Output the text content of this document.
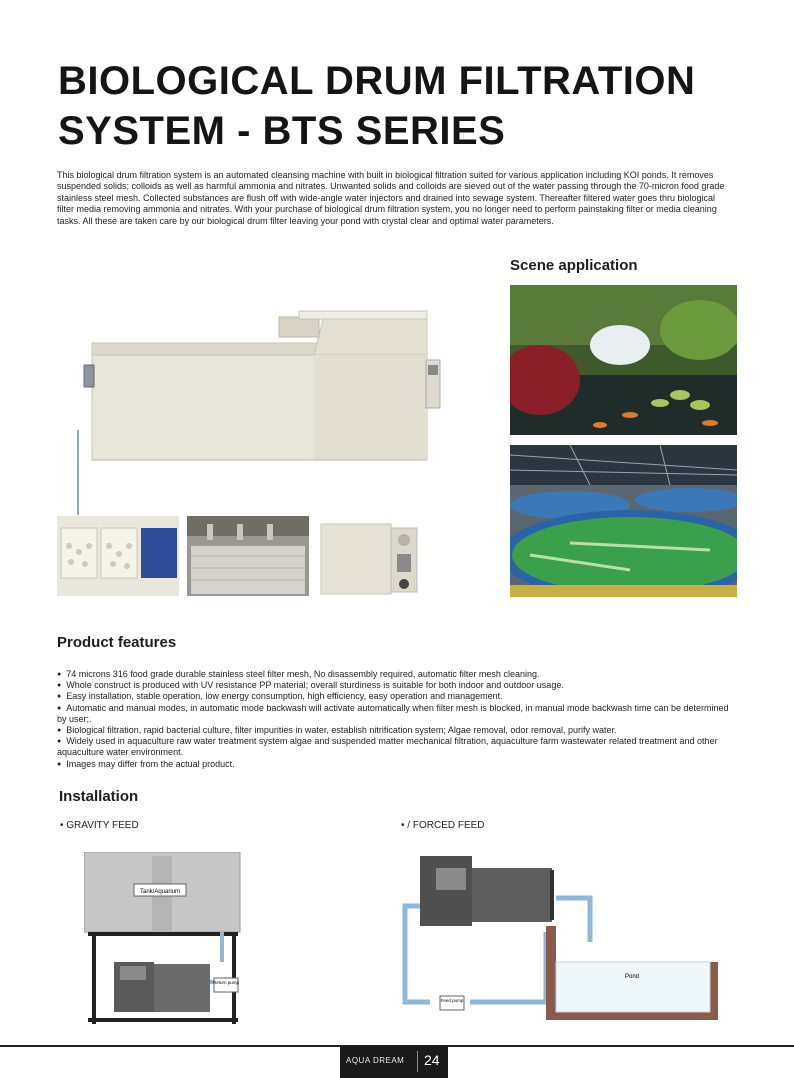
BIOLOGICAL DRUM FILTRATION
SYSTEM - BTS SERIES

This biological drum filtration system is an automated cleansing machine with built in biological filtration suited for various application including KOI ponds. It removes suspended solids; colloids as well as harmful ammonia and nitrates. Unwanted solids and colloids are sieved out of the water passing through the 70-micron food grade stainless steel mesh. Collected substances are flush off with wide-angle water injectors and drained into sewage system. Thereafter filtered water goes thru biological filter media removing ammonia and nitrates. With your purchase of biological drum filtration system, you no longer need to perform painstaking filter or media cleaning tasks. All these are taken care by our biological drum filter leaving your pond with crystal clear and optimal water parameters.

Scene application
Product features
● 74 microns 316 food grade durable stainless steel filter mesh, No disassembly required, automatic filter mesh cleaning.
● Whole construct is produced with UV resistance PP material; overall sturdiness is suitable for both indoor and outdoor usage.
● Easy installation, stable operation, low energy consumption, high efficiency, easy operation and management.
● Automatic and manual modes, in automatic mode backwash will activate automatically when filter mesh is blocked, in manual mode backwash time can be determined by user;.
● Biological filtration, rapid bacterial culture, filter impurities in water, establish nitrification system; Algae removal, odor removal, purify water.
● Widely used in aquaculture raw water treatment system algae and suspended matter mechanical filtration, aquaculture farm wastewater related treatment and other aquaculture water environment.
● Images may differ from the actual product.
Installation
• GRAVITY FEED	• / FORCED FEED
Tank/Aquarium
Return pump
Pond
Feed pump
AQUA DREAM 24
